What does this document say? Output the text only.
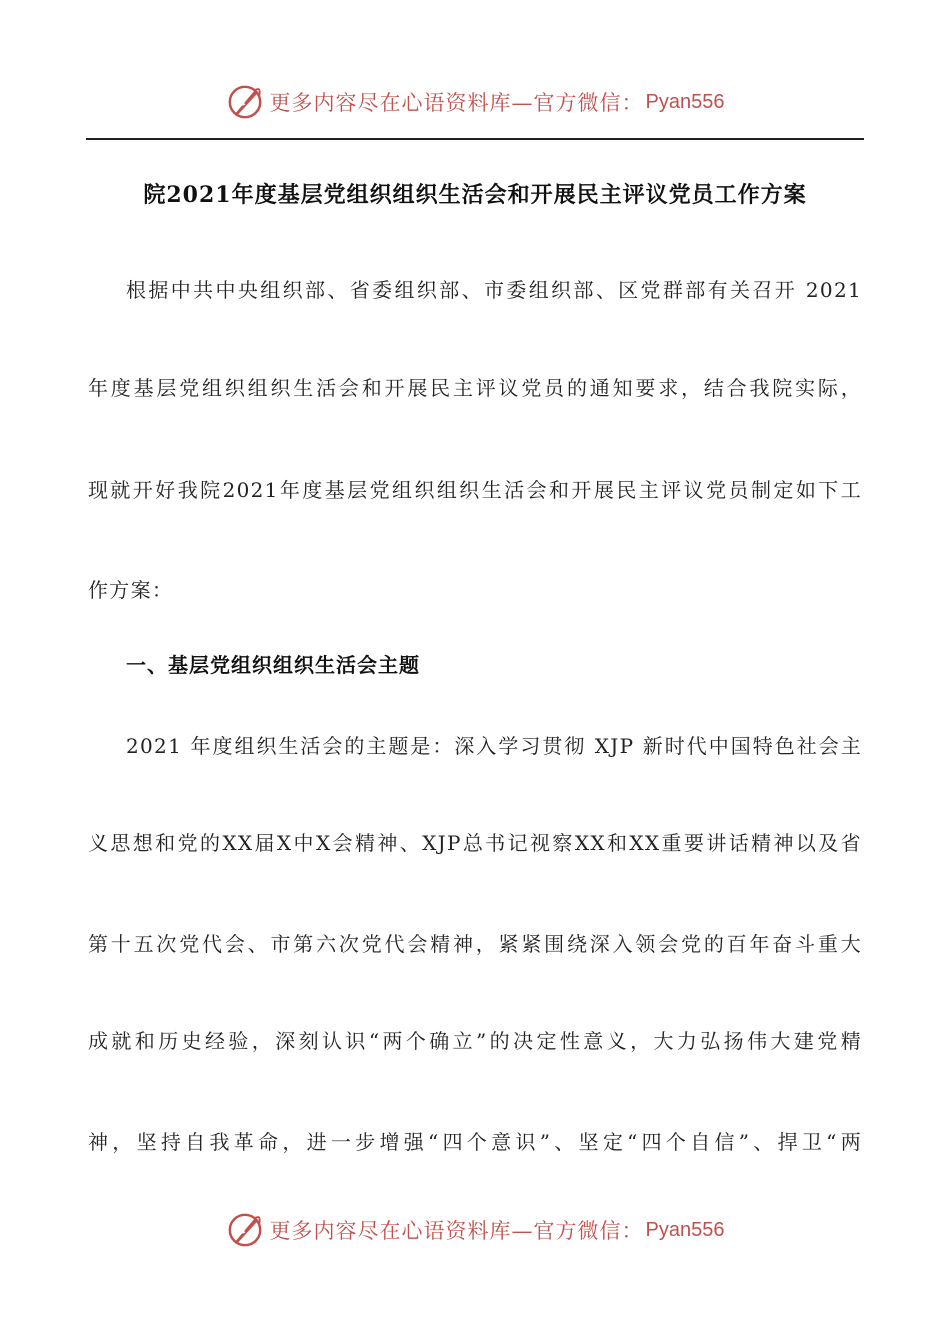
更多内容尽在心语资料库—官方微信： Pyan556
院2021年度基层党组织组织生活会和开展民主评议党员工作方案
根据中共中央组织部、省委组织部、市委组织部、区党群部有关召开 2021
年度基层党组织组织生活会和开展民主评议党员的通知要求，结合我院实际，
现就开好我院2021年度基层党组织组织生活会和开展民主评议党员制定如下工
作方案：
一、基层党组织组织生活会主题
2021 年度组织生活会的主题是：深入学习贯彻 XJP 新时代中国特色社会主
义思想和党的XX届X中X会精神、XJP总书记视察XX和XX重要讲话精神以及省
第十五次党代会、市第六次党代会精神，紧紧围绕深入领会党的百年奋斗重大
成就和历史经验，深刻认识“两个确立”的决定性意义，大力弘扬伟大建党精
神，坚持自我革命，进一步增强“四个意识”、坚定“四个自信”、捍卫“两
更多内容尽在心语资料库—官方微信： Pyan556
